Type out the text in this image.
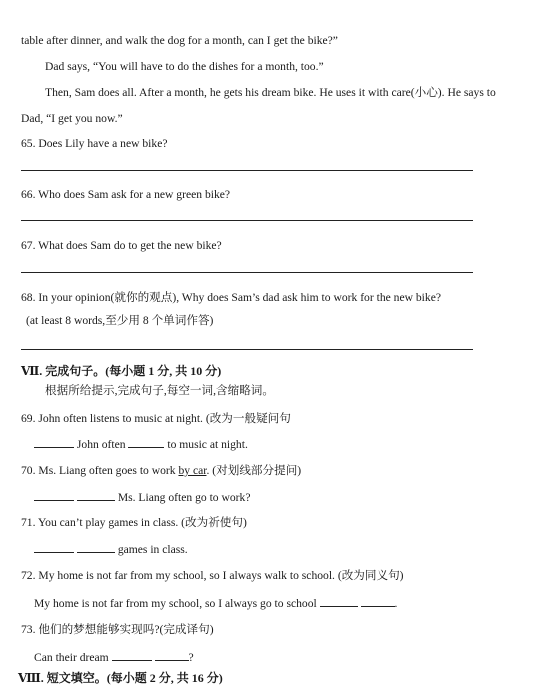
table after dinner, and walk the dog for a month, can I get the bike?”
Dad says, “You will have to do the dishes for a month, too.”
Then, Sam does all. After a month, he gets his dream bike. He uses it with care(小心). He says to
Dad, “I get you now.”
65. Does Lily have a new bike?
66. Who does Sam ask for a new green bike?
67. What does Sam do to get the new bike?
68. In your opinion(就你的观点), Why does Sam’s dad ask him to work for the new bike?
(at least 8 words,至少用 8 个单词作答)
Ⅶ. 完成句子。(每小题 1 分, 共 10 分)
根据所给提示,完成句子,每空一词,含缩略词。
69. John often listens to music at night. (改为一般疑问句
John often	to music at night.
70. Ms. Liang often goes to work by car. (对划线部分提问)
Ms. Liang often go to work?
71. You can’t play games in class. (改为祈使句)
games in class.
72. My home is not far from my school, so I always walk to school. (改为同义句)
My home is not far from my school, so I always go to school	.
73. 他们的梦想能够实现吗?(完成译句)
Can their dream	?
Ⅷ. 短文填空。(每小题 2 分, 共 16 分)
